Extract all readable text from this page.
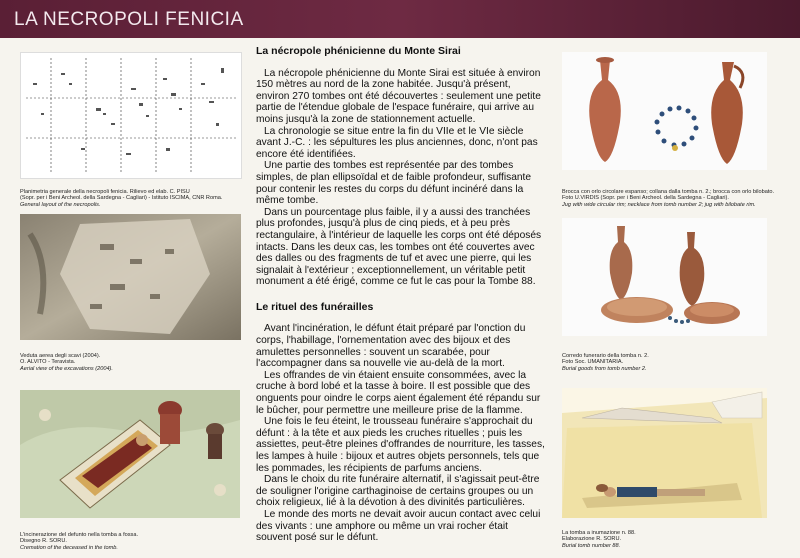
LA NECROPOLI FENICIA

Planimetria generale della necropoli fenicia. Rilievo ed elab. C. PISU
(Sopr. per i Beni Archeol. della Sardegna - Cagliari) - Istituto ISCIMA, CNR Roma.

General layout of the necropolis.

Veduta aerea degli scavi (2004).
O. ALVITO - Teravista.

Aerial view of the excavations (2004).

L'incinerazione del defunto nella tomba a fossa.
Disegno R. SORU.

Cremation of the deceased in the tomb.

La nécropole phénicienne du Monte Sirai

La nécropole phénicienne du Monte Sirai est située à environ 150 mètres au nord de la zone habitée. Jusqu'à présent, environ 270 tombes ont été découvertes : seulement une petite partie de l'étendue globale de l'espace funéraire, qui arrive au moins jusqu'à la zone de stationnement actuelle.

La chronologie se situe entre la fin du VIIe et le VIe siècle avant J.-C. : les sépultures les plus anciennes, donc, n'ont pas encore été identifiées.

Une partie des tombes est représentée par des tombes simples, de plan ellipsoïdal et de faible profondeur, suffisante pour contenir les restes du corps du défunt incinéré dans la même tombe.

Dans un pourcentage plus faible, il y a aussi des tranchées plus profondes, jusqu'à plus de cinq pieds, et à peu près rectangulaire, à l'intérieur de laquelle les corps ont été déposés intacts. Dans les deux cas, les tombes ont été couvertes avec des dalles ou des fragments de tuf et avec une pierre, qui les signalait à l'extérieur ; exceptionnellement, un véritable petit monument a été érigé, comme ce fut le cas pour la Tombe 88.

Le rituel des funérailles

Avant l'incinération, le défunt était préparé par l'onction du corps, l'habillage, l'ornementation avec des bijoux et des amulettes personnelles : souvent un scarabée, pour l'accompagner dans sa nouvelle vie au-delà de la mort.

Les offrandes de vin étaient ensuite consommées, avec la cruche à bord lobé et la tasse à boire. Il est possible que des onguents pour oindre le corps aient également été répandu sur le bûcher, pour permettre une meilleure prise de la flamme.

Une fois le feu éteint, le trousseau funéraire s'approchait du défunt : à la tête et aux pieds les cruches rituelles ; puis les assiettes, peut-être pleines d'offrandes de nourriture, les tasses, les lampes à huile : bijoux et autres objets personnels, tels que les pommades, les récipients de parfums anciens.

Dans le choix du rite funéraire alternatif, il s'agissait peut-être de souligner l'origine carthaginoise de certains groupes ou un choix religieux, lié à la dévotion à des divinités particulières.

Le monde des morts ne devait avoir aucun contact avec celui des vivants : une amphore ou même un vrai rocher était souvent posé sur le défunt.

Brocca con orlo circolare espanso; collana dalla tomba n. 2.; brocca con orlo bilobato.
Foto U.VIRDIS (Sopr. per i Beni Archeol. della Sardegna - Cagliari).

Jug with wide circular rim; necklace from tomb number 2; jug with bilobate rim.

Corredo funerario della tomba n. 2.
Foto Soc. UMANITARIA.

Burial goods from tomb number 2.

La tomba a inumazione n. 88.
Elaborazione R. SORU.

Burial tomb number 88.
